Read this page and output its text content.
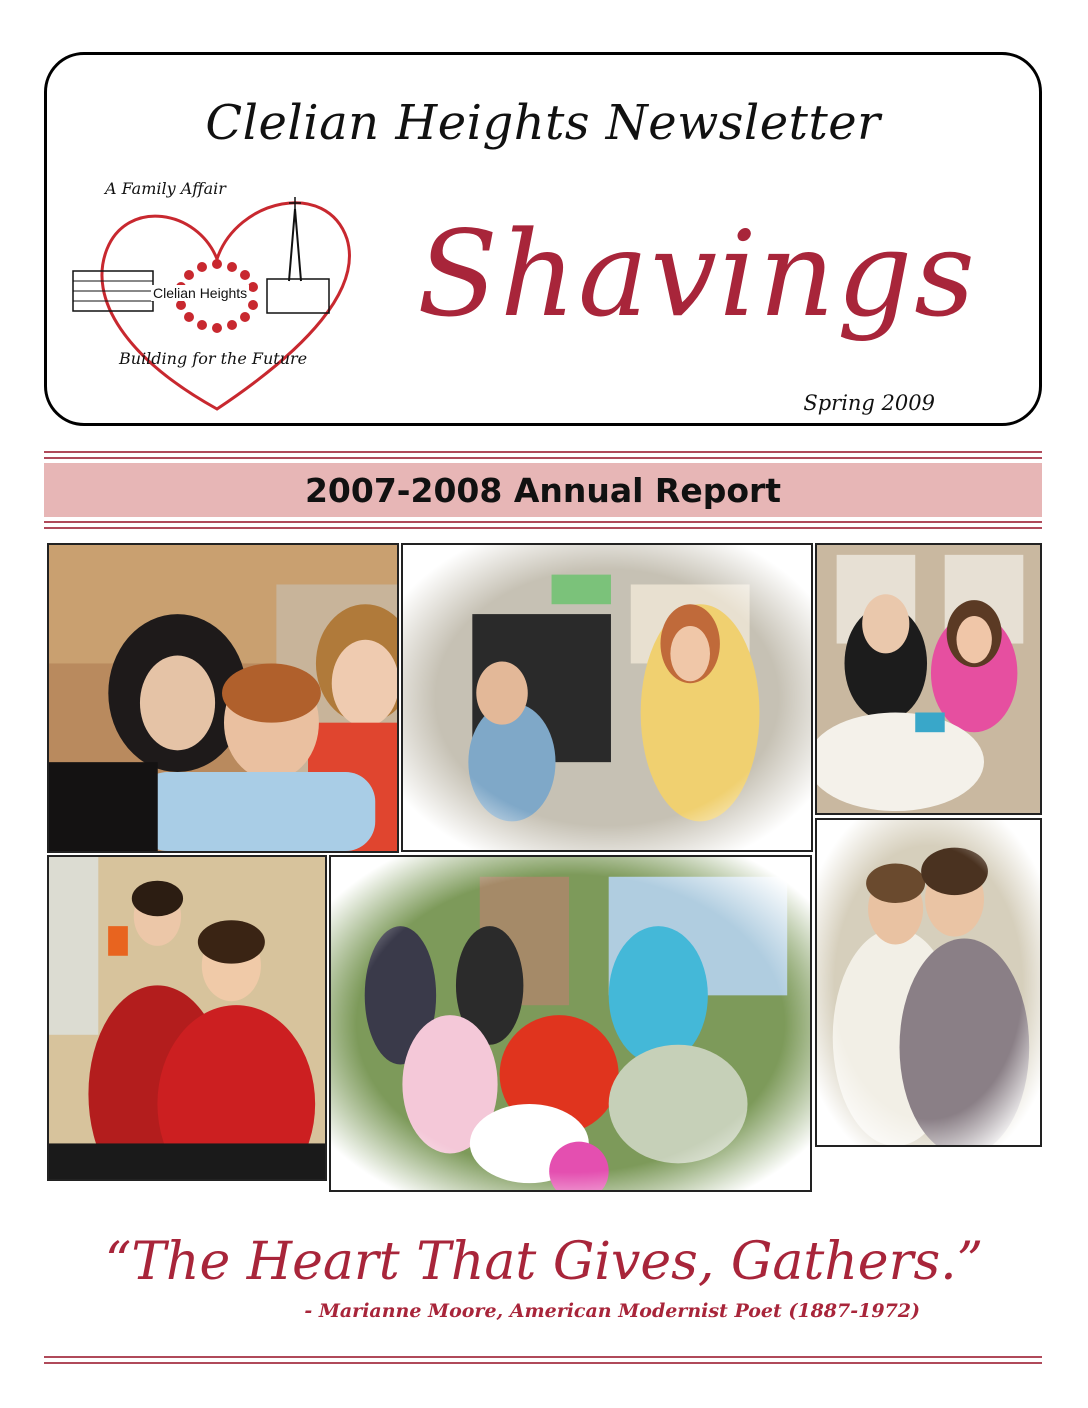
Clelian Heights Newsletter
A Family Affair
Clelian Heights
Building for the Future
Shavings
Spring 2009
2007-2008 Annual Report
“The Heart That Gives, Gathers.”
- Marianne Moore, American Modernist Poet (1887-1972)
